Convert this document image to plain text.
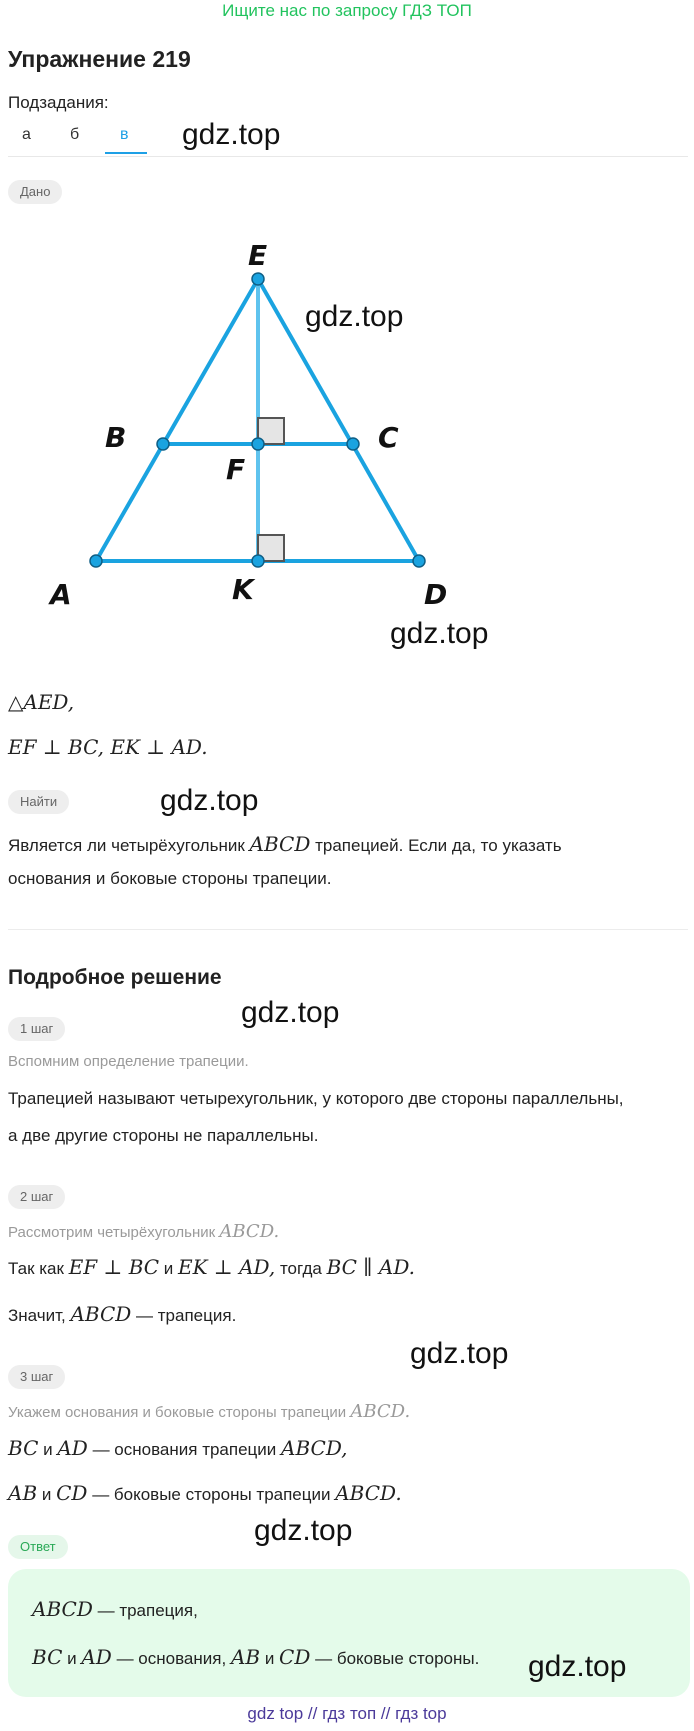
Ищите нас по запросу ГДЗ ТОП
Упражнение 219
Подзадания:
а б	в gdz.top
Дано
E
B	C
F
A	K	D
gdz.top
gdz.top
△AED,
EF ⊥ BC, EK ⊥ AD.
Найти	gdz.top
Является ли четырёхугольник ABCD трапецией. Если да, то указать
основания и боковые стороны трапеции.
Подробное решение
gdz.top
1 шаг
Вспомним определение трапеции.
Трапецией называют четырехугольник, у которого две стороны параллельны,
а две другие стороны не параллельны.
2 шаг
Рассмотрим четырёхугольник ABCD.
Так как EF ⊥ BC и EK ⊥ AD, тогда BC ∥ AD.
Значит, ABCD — трапеция.
gdz.top
3 шаг
Укажем основания и боковые стороны трапеции ABCD.
BC и AD — основания трапеции ABCD,
AB и CD — боковые стороны трапеции ABCD.
gdz.top
Ответ
ABCD — трапеция,
BC и AD — основания, AB и CD — боковые стороны. gdz.top
gdz top // гдз топ // гдз top
